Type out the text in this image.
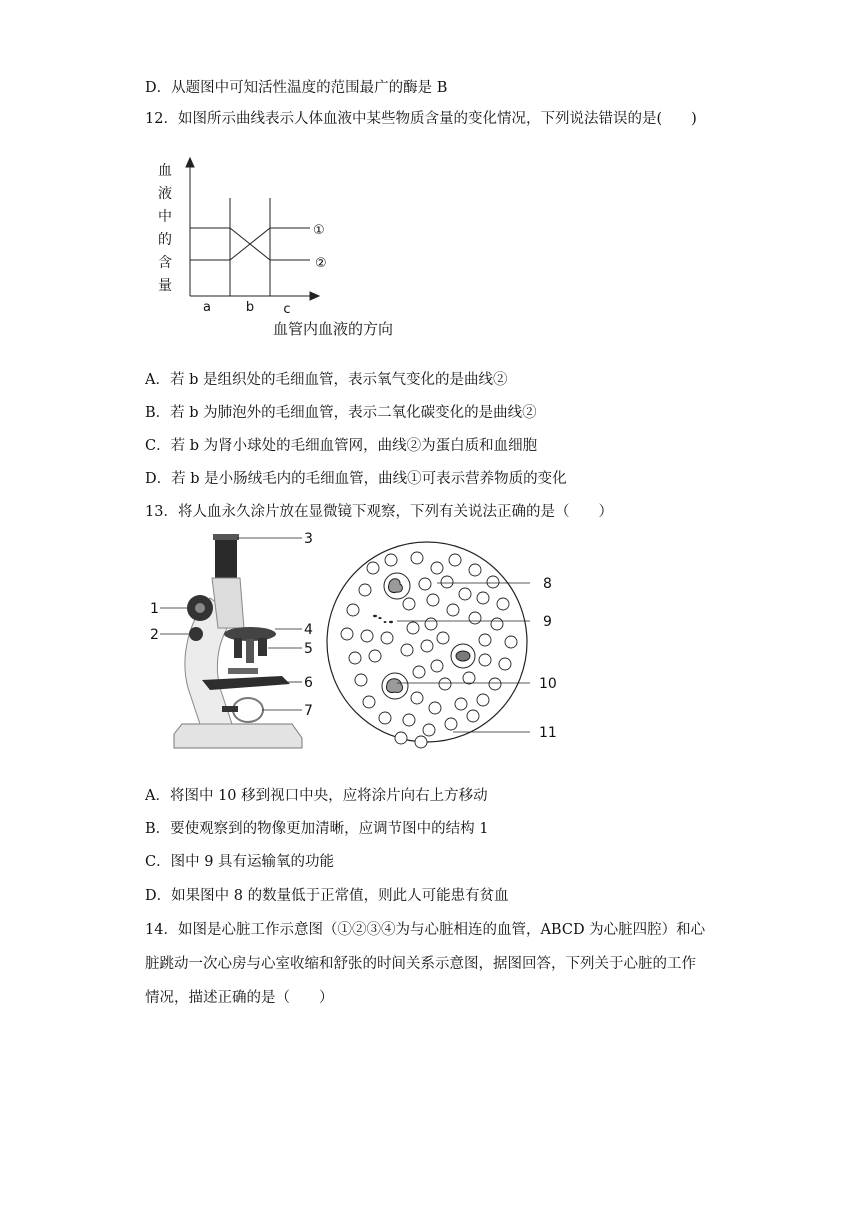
D．从题图中可知活性温度的范围最广的酶是 B
12．如图所示曲线表示人体血液中某些物质含量的变化情况，下列说法错误的是(　　)
血
液
中
的
含
量
a	b c
①
②
血管内血液的方向
A．若 b 是组织处的毛细血管，表示氧气变化的是曲线②
B．若 b 为肺泡外的毛细血管，表示二氧化碳变化的是曲线②
C．若 b 为肾小球处的毛细血管网，曲线②为蛋白质和血细胞
D．若 b 是小肠绒毛内的毛细血管，曲线①可表示营养物质的变化
13．将人血永久涂片放在显微镜下观察，下列有关说法正确的是（　　）
1
2
3
4
5
6
7
8
9
10
11
A．将图中 10 移到视口中央，应将涂片向右上方移动
B．要使观察到的物像更加清晰，应调节图中的结构 1
C．图中 9 具有运输氧的功能
D．如果图中 8 的数量低于正常值，则此人可能患有贫血
14．如图是心脏工作示意图（①②③④为与心脏相连的血管，ABCD 为心脏四腔）和心
脏跳动一次心房与心室收缩和舒张的时间关系示意图，据图回答，下列关于心脏的工作
情况，描述正确的是（　　）
